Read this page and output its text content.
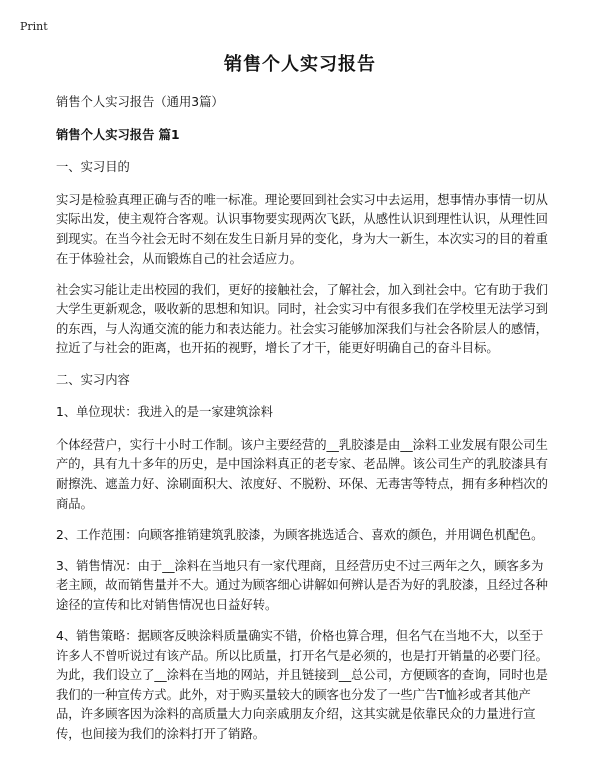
Print
销售个人实习报告

销售个人实习报告（通用3篇）

销售个人实习报告 篇1

一、实习目的

实习是检验真理正确与否的唯一标准。理论要回到社会实习中去运用，想事情办事情一切从实际出发，使主观符合客观。认识事物要实现两次飞跃，从感性认识到理性认识，从理性回到现实。在当今社会无时不刻在发生日新月异的变化，身为大一新生，本次实习的目的着重在于体验社会，从而锻炼自己的社会适应力。

社会实习能让走出校园的我们，更好的接触社会，了解社会，加入到社会中。它有助于我们大学生更新观念，吸收新的思想和知识。同时，社会实习中有很多我们在学校里无法学习到的东西，与人沟通交流的能力和表达能力。社会实习能够加深我们与社会各阶层人的感情，拉近了与社会的距离，也开拓的视野，增长了才干，能更好明确自己的奋斗目标。

二、实习内容

1、单位现状：我进入的是一家建筑涂料

个体经营户，实行十小时工作制。该户主要经营的__乳胶漆是由__涂料工业发展有限公司生产的，具有九十多年的历史，是中国涂料真正的老专家、老品牌。该公司生产的乳胶漆具有耐擦洗、遮盖力好、涂刷面积大、浓度好、不脱粉、环保、无毒害等特点，拥有多种档次的商品。

2、工作范围：向顾客推销建筑乳胶漆，为顾客挑选适合、喜欢的颜色，并用调色机配色。

3、销售情况：由于__涂料在当地只有一家代理商，且经营历史不过三两年之久，顾客多为老主顾，故而销售量并不大。通过为顾客细心讲解如何辨认是否为好的乳胶漆，且经过各种途径的宣传和比对销售情况也日益好转。

4、销售策略：据顾客反映涂料质量确实不错，价格也算合理，但名气在当地不大，以至于许多人不曾听说过有该产品。所以比质量，打开名气是必须的，也是打开销量的必要门径。为此，我们设立了__涂料在当地的网站，并且链接到__总公司，方便顾客的查询，同时也是我们的一种宣传方式。此外，对于购买量较大的顾客也分发了一些广告T恤衫或者其他产品，许多顾客因为涂料的高质量大力向亲戚朋友介绍，这其实就是依靠民众的力量进行宣传，也间接为我们的涂料打开了销路。
